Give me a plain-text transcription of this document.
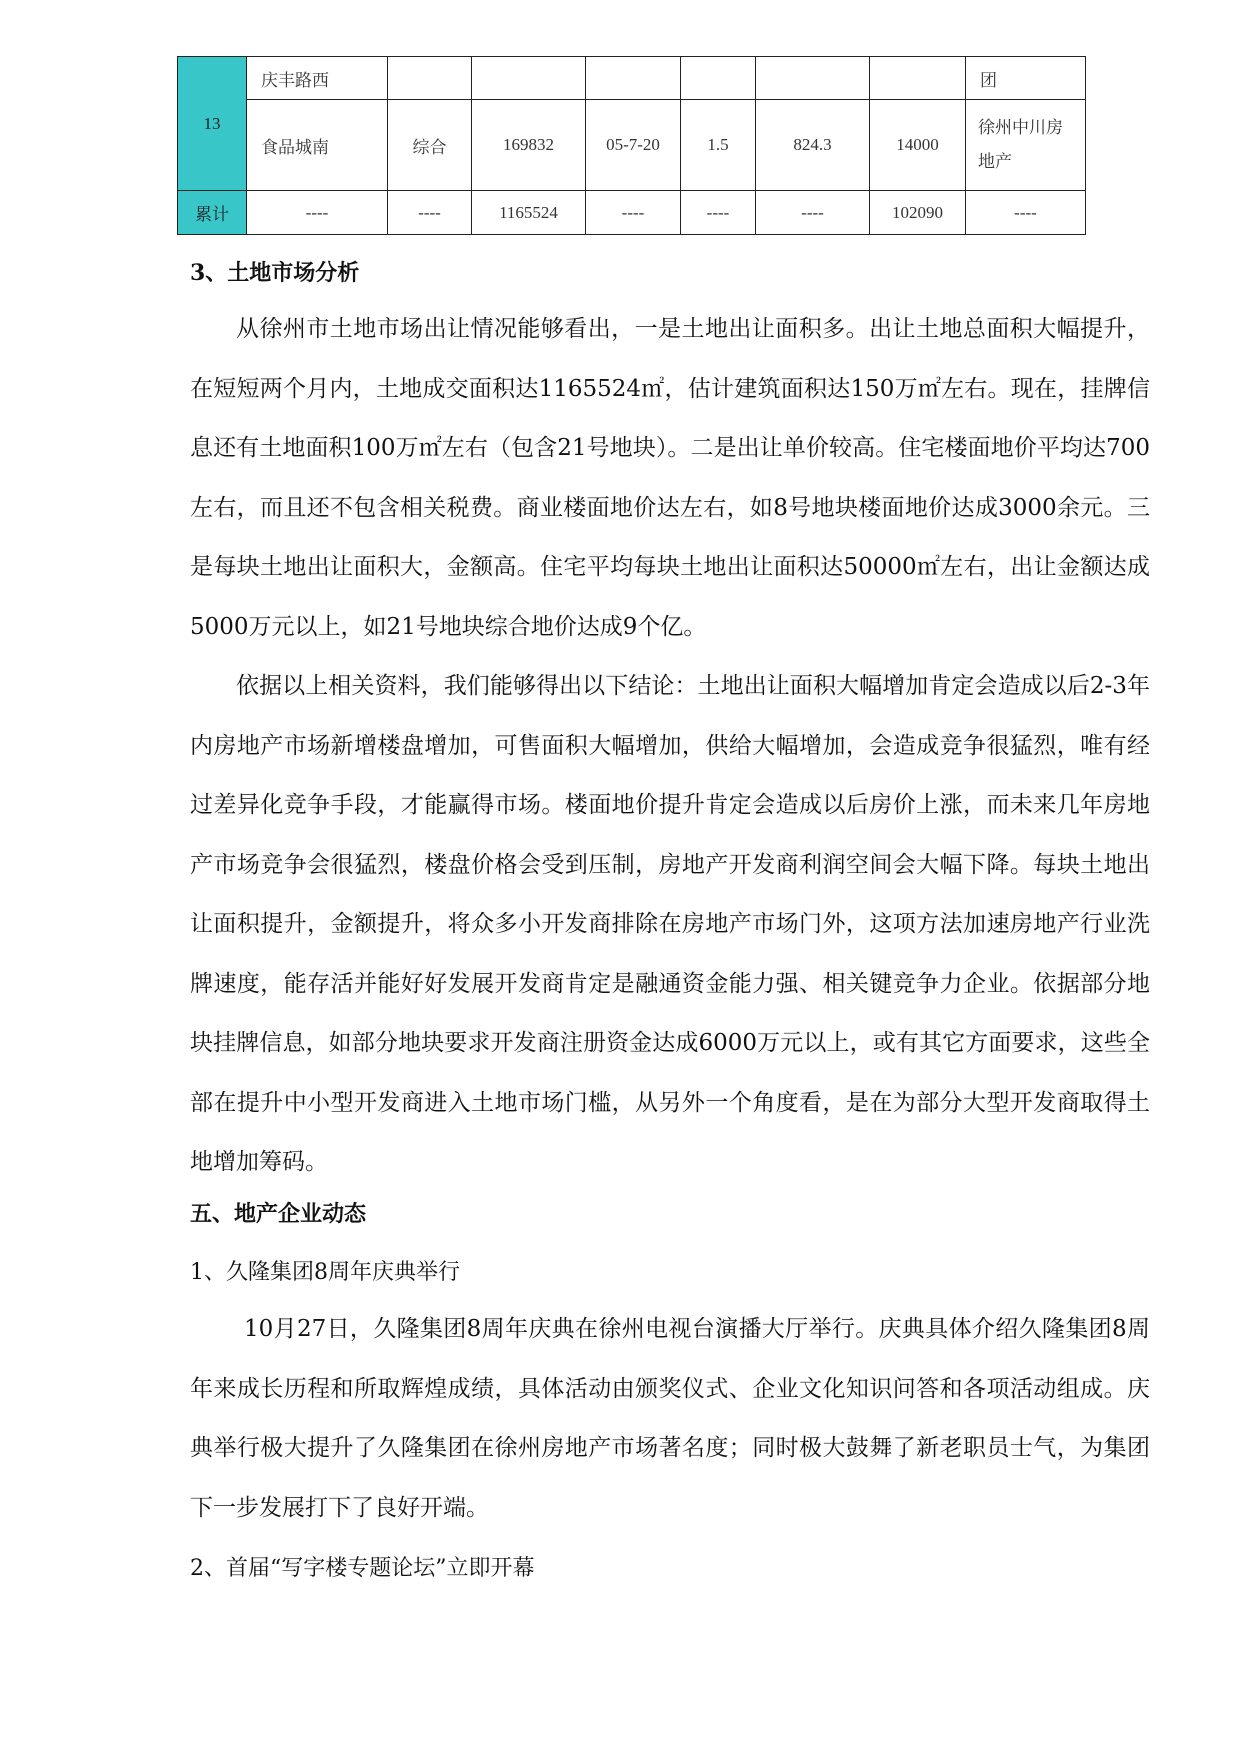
13	庆丰路西							团
	食品城南	综合	169832	05-7-20	1.5	824.3	14000	徐州中川房地产
累计	----	----	1165524	----	----	----	102090	----
3、土地市场分析

从徐州市土地市场出让情况能够看出，一是土地出让面积多。出让土地总面积大幅提升，在短短两个月内，土地成交面积达1165524㎡，估计建筑面积达150万㎡左右。现在，挂牌信息还有土地面积100万㎡左右（包含21号地块）。二是出让单价较高。住宅楼面地价平均达700左右，而且还不包含相关税费。商业楼面地价达左右，如8号地块楼面地价达成3000余元。三是每块土地出让面积大，金额高。住宅平均每块土地出让面积达50000㎡左右，出让金额达成5000万元以上，如21号地块综合地价达成9个亿。

依据以上相关资料，我们能够得出以下结论：土地出让面积大幅增加肯定会造成以后2-3年内房地产市场新增楼盘增加，可售面积大幅增加，供给大幅增加，会造成竞争很猛烈，唯有经过差异化竞争手段，才能赢得市场。楼面地价提升肯定会造成以后房价上涨，而未来几年房地产市场竞争会很猛烈，楼盘价格会受到压制，房地产开发商利润空间会大幅下降。每块土地出让面积提升，金额提升，将众多小开发商排除在房地产市场门外，这项方法加速房地产行业洗牌速度，能存活并能好好发展开发商肯定是融通资金能力强、相关键竞争力企业。依据部分地块挂牌信息，如部分地块要求开发商注册资金达成6000万元以上，或有其它方面要求，这些全部在提升中小型开发商进入土地市场门槛，从另外一个角度看，是在为部分大型开发商取得土地增加筹码。

五、地产企业动态
1、久隆集团8周年庆典举行

10月27日，久隆集团8周年庆典在徐州电视台演播大厅举行。庆典具体介绍久隆集团8周年来成长历程和所取辉煌成绩，具体活动由颁奖仪式、企业文化知识问答和各项活动组成。庆典举行极大提升了久隆集团在徐州房地产市场著名度；同时极大鼓舞了新老职员士气，为集团下一步发展打下了良好开端。

2、首届“写字楼专题论坛”立即开幕
